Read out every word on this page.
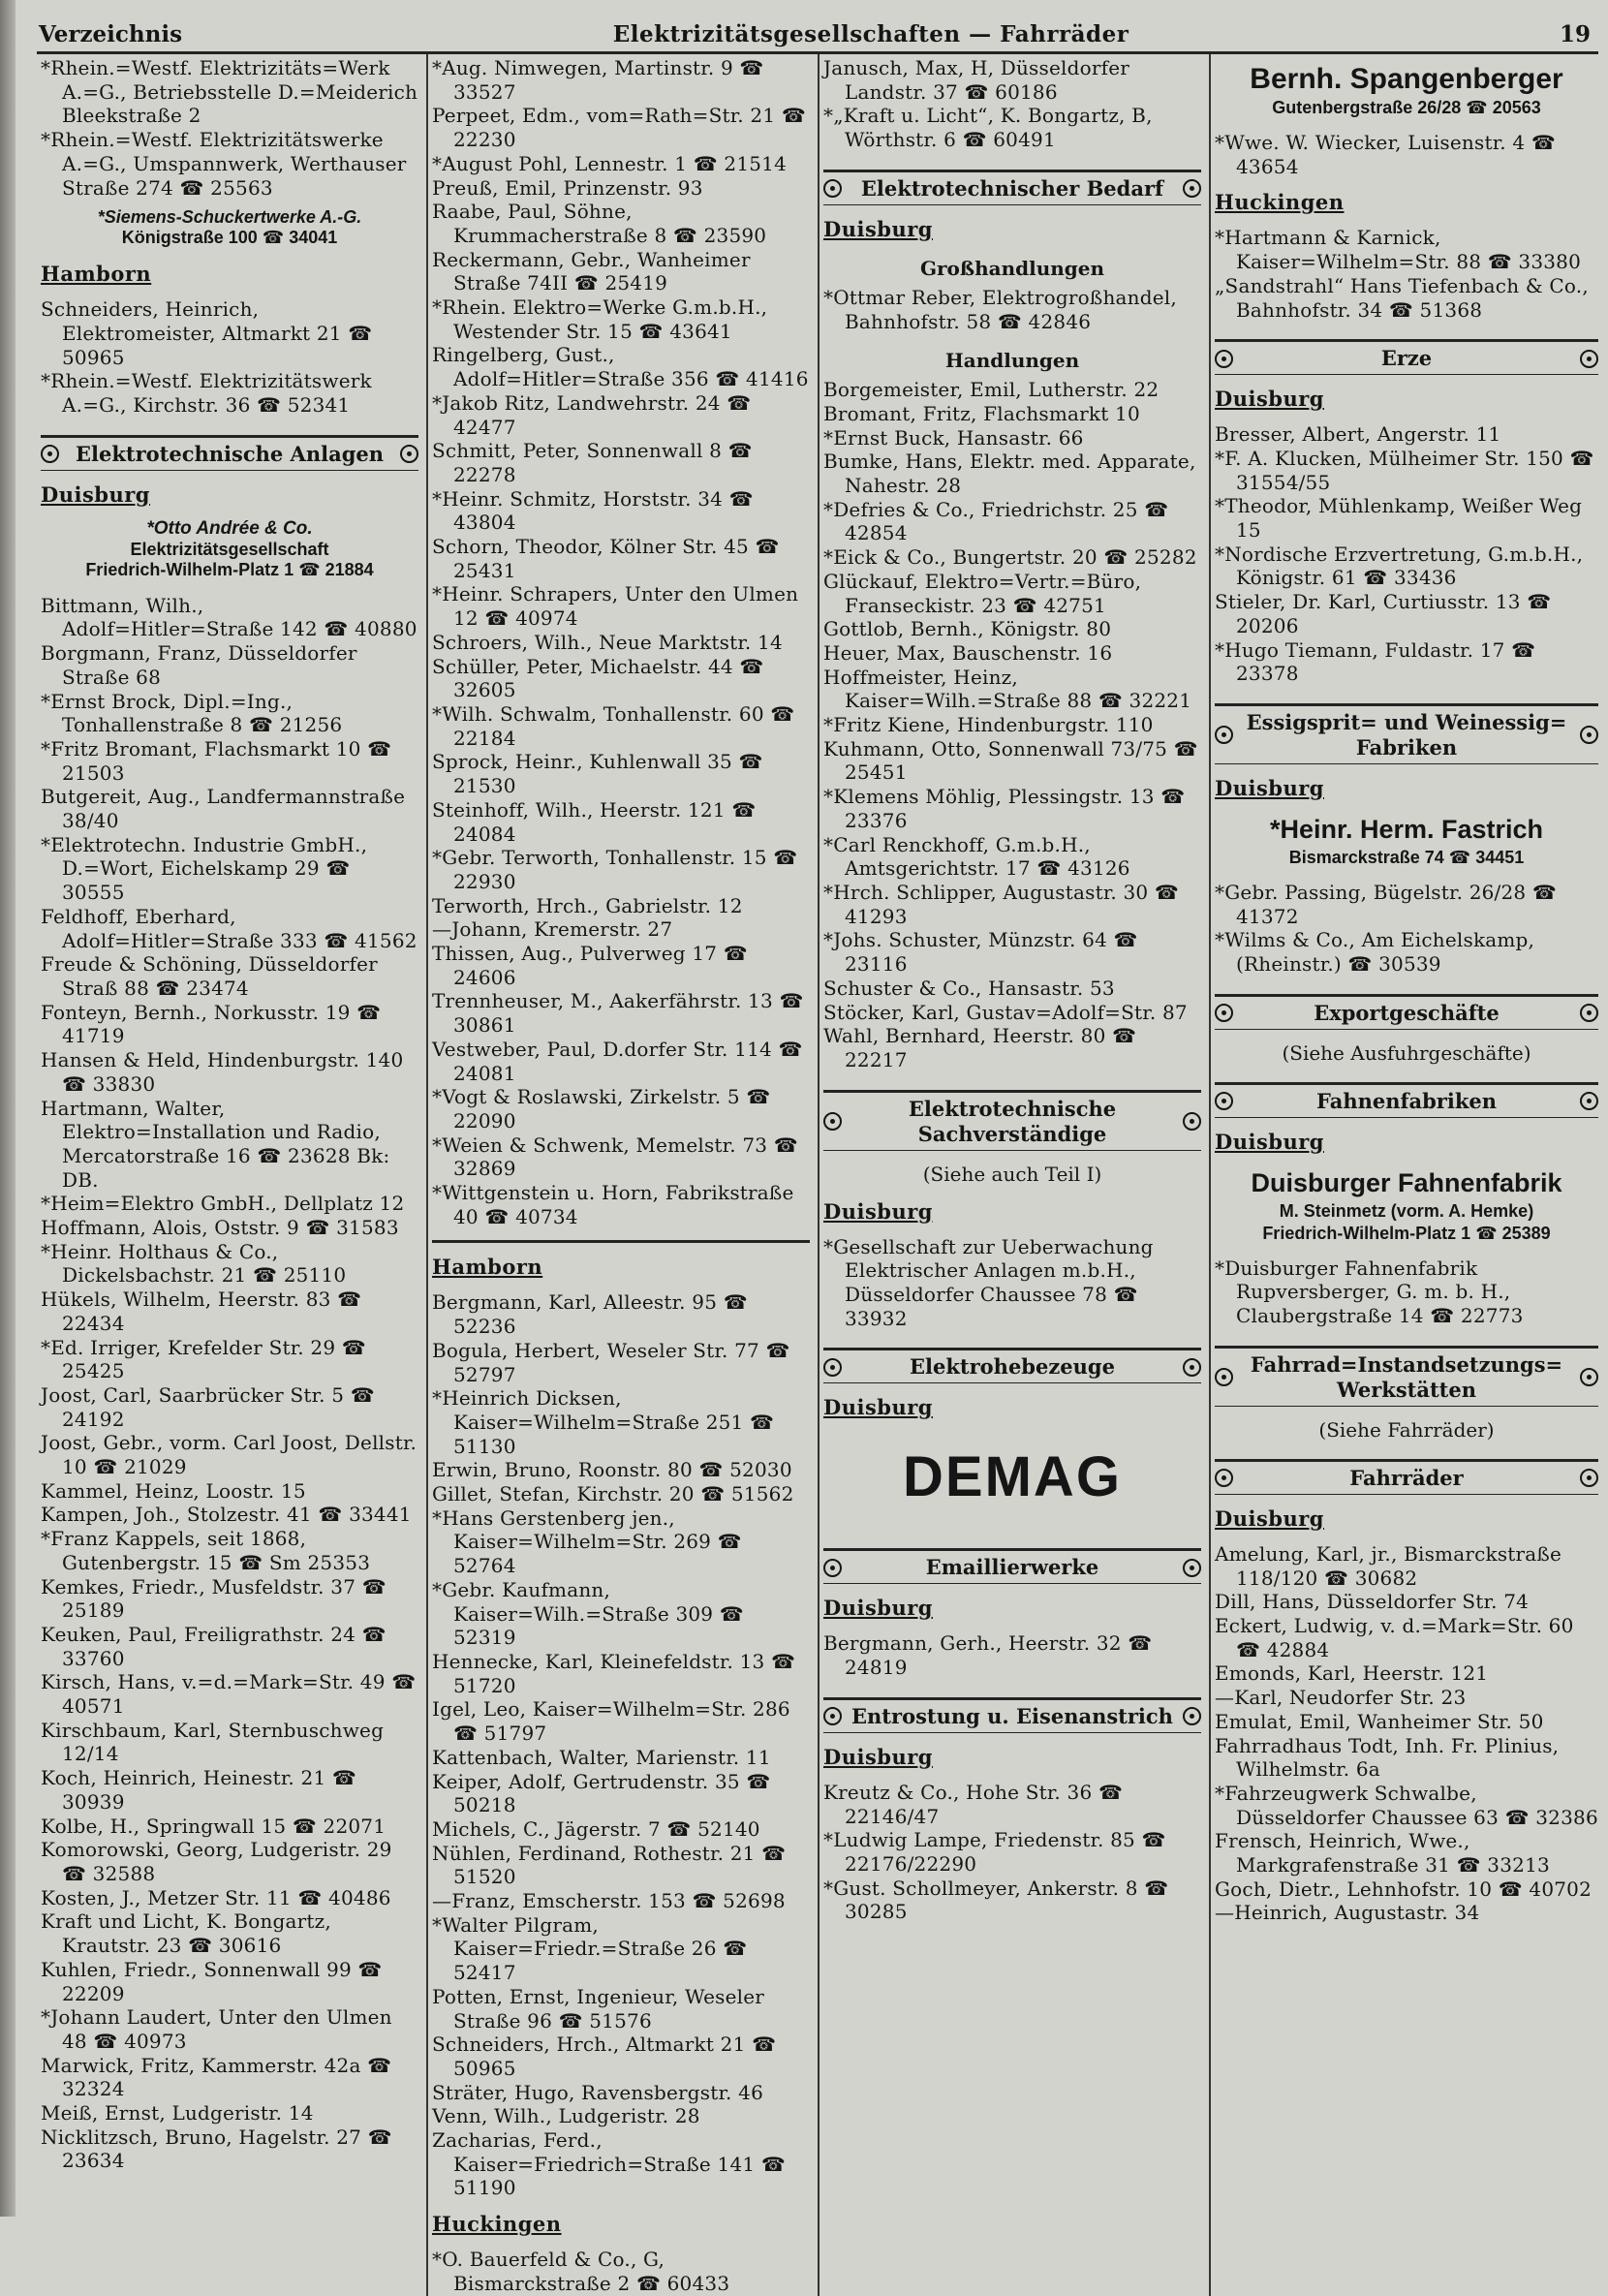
Verzeichnis	Elektrizitätsgesellschaften — Fahrräder	19
*Rhein.=Westf. Elektrizitäts=Werk A.=G., Betriebsstelle D.=Meiderich Bleekstraße 2
*Rhein.=Westf. Elektrizitätswerke A.=G., Umspannwerk, Werthauser Straße 274 ☎ 25563
*Siemens-Schuckertwerke A.-G.
Königstraße 100 ☎ 34041
Hamborn
Schneiders, Heinrich, Elektromeister, Altmarkt 21 ☎ 50965
*Rhein.=Westf. Elektrizitätswerk A.=G., Kirchstr. 36 ☎ 52341
Elektrotechnische Anlagen
Duisburg
*Otto Andrée & Co.
Elektrizitätsgesellschaft
Friedrich-Wilhelm-Platz 1 ☎ 21884
Bittmann, Wilh., Adolf=Hitler=Straße 142 ☎ 40880
Borgmann, Franz, Düsseldorfer Straße 68
*Ernst Brock, Dipl.=Ing., Tonhallenstraße 8 ☎ 21256
*Fritz Bromant, Flachsmarkt 10 ☎ 21503
Butgereit, Aug., Landfermannstraße 38/40
*Elektrotechn. Industrie GmbH., D.=Wort, Eichelskamp 29 ☎ 30555
Feldhoff, Eberhard, Adolf=Hitler=Straße 333 ☎ 41562
Freude & Schöning, Düsseldorfer Straß 88 ☎ 23474
Fonteyn, Bernh., Norkusstr. 19 ☎ 41719
Hansen & Held, Hindenburgstr. 140 ☎ 33830
Hartmann, Walter, Elektro=Installation und Radio, Mercatorstraße 16 ☎ 23628 Bk: DB.
*Heim=Elektro GmbH., Dellplatz 12
Hoffmann, Alois, Oststr. 9 ☎ 31583
*Heinr. Holthaus & Co., Dickelsbachstr. 21 ☎ 25110
Hükels, Wilhelm, Heerstr. 83 ☎ 22434
*Ed. Irriger, Krefelder Str. 29 ☎ 25425
Joost, Carl, Saarbrücker Str. 5 ☎ 24192
Joost, Gebr., vorm. Carl Joost, Dellstr. 10 ☎ 21029
Kammel, Heinz, Loostr. 15
Kampen, Joh., Stolzestr. 41 ☎ 33441
*Franz Kappels, seit 1868, Gutenbergstr. 15 ☎ Sm 25353
Kemkes, Friedr., Musfeldstr. 37 ☎ 25189
Keuken, Paul, Freiligrathstr. 24 ☎ 33760
Kirsch, Hans, v.=d.=Mark=Str. 49 ☎ 40571
Kirschbaum, Karl, Sternbuschweg 12/14
Koch, Heinrich, Heinestr. 21 ☎ 30939
Kolbe, H., Springwall 15 ☎ 22071
Komorowski, Georg, Ludgeristr. 29 ☎ 32588
Kosten, J., Metzer Str. 11 ☎ 40486
Kraft und Licht, K. Bongartz, Krautstr. 23 ☎ 30616
Kuhlen, Friedr., Sonnenwall 99 ☎ 22209
*Johann Laudert, Unter den Ulmen 48 ☎ 40973
Marwick, Fritz, Kammerstr. 42a ☎ 32324
Meiß, Ernst, Ludgeristr. 14
Nicklitzsch, Bruno, Hagelstr. 27 ☎ 23634
*Aug. Nimwegen, Martinstr. 9 ☎ 33527
Perpeet, Edm., vom=Rath=Str. 21 ☎ 22230
*August Pohl, Lennestr. 1 ☎ 21514
Preuß, Emil, Prinzenstr. 93
Raabe, Paul, Söhne, Krummacherstraße 8 ☎ 23590
Reckermann, Gebr., Wanheimer Straße 74II ☎ 25419
*Rhein. Elektro=Werke G.m.b.H., Westender Str. 15 ☎ 43641
Ringelberg, Gust., Adolf=Hitler=Straße 356 ☎ 41416
*Jakob Ritz, Landwehrstr. 24 ☎ 42477
Schmitt, Peter, Sonnenwall 8 ☎ 22278
*Heinr. Schmitz, Horststr. 34 ☎ 43804
Schorn, Theodor, Kölner Str. 45 ☎ 25431
*Heinr. Schrapers, Unter den Ulmen 12 ☎ 40974
Schroers, Wilh., Neue Marktstr. 14
Schüller, Peter, Michaelstr. 44 ☎ 32605
*Wilh. Schwalm, Tonhallenstr. 60 ☎ 22184
Sprock, Heinr., Kuhlenwall 35 ☎ 21530
Steinhoff, Wilh., Heerstr. 121 ☎ 24084
*Gebr. Terworth, Tonhallenstr. 15 ☎ 22930
Terworth, Hrch., Gabrielstr. 12
—Johann, Kremerstr. 27
Thissen, Aug., Pulverweg 17 ☎ 24606
Trennheuser, M., Aakerfährstr. 13 ☎ 30861
Vestweber, Paul, D.dorfer Str. 114 ☎ 24081
*Vogt & Roslawski, Zirkelstr. 5 ☎ 22090
*Weien & Schwenk, Memelstr. 73 ☎ 32869
*Wittgenstein u. Horn, Fabrikstraße 40 ☎ 40734
Hamborn
Bergmann, Karl, Alleestr. 95 ☎ 52236
Bogula, Herbert, Weseler Str. 77 ☎ 52797
*Heinrich Dicksen, Kaiser=Wilhelm=Straße 251 ☎ 51130
Erwin, Bruno, Roonstr. 80 ☎ 52030
Gillet, Stefan, Kirchstr. 20 ☎ 51562
*Hans Gerstenberg jen., Kaiser=Wilhelm=Str. 269 ☎ 52764
*Gebr. Kaufmann, Kaiser=Wilh.=Straße 309 ☎ 52319
Hennecke, Karl, Kleinefeldstr. 13 ☎ 51720
Igel, Leo, Kaiser=Wilhelm=Str. 286 ☎ 51797
Kattenbach, Walter, Marienstr. 11
Keiper, Adolf, Gertrudenstr. 35 ☎ 50218
Michels, C., Jägerstr. 7 ☎ 52140
Nühlen, Ferdinand, Rothestr. 21 ☎ 51520
—Franz, Emscherstr. 153 ☎ 52698
*Walter Pilgram, Kaiser=Friedr.=Straße 26 ☎ 52417
Potten, Ernst, Ingenieur, Weseler Straße 96 ☎ 51576
Schneiders, Hrch., Altmarkt 21 ☎ 50965
Sträter, Hugo, Ravensbergstr. 46
Venn, Wilh., Ludgeristr. 28
Zacharias, Ferd., Kaiser=Friedrich=Straße 141 ☎ 51190
Huckingen
*O. Bauerfeld & Co., G, Bismarckstraße 2 ☎ 60433
Janusch, Max, H, Düsseldorfer Landstr. 37 ☎ 60186
*„Kraft u. Licht“, K. Bongartz, B, Wörthstr. 6 ☎ 60491
Elektrotechnischer Bedarf
Duisburg
Großhandlungen
*Ottmar Reber, Elektrogroßhandel, Bahnhofstr. 58 ☎ 42846
Handlungen
Borgemeister, Emil, Lutherstr. 22
Bromant, Fritz, Flachsmarkt 10
*Ernst Buck, Hansastr. 66
Bumke, Hans, Elektr. med. Apparate, Nahestr. 28
*Defries & Co., Friedrichstr. 25 ☎ 42854
*Eick & Co., Bungertstr. 20 ☎ 25282
Glückauf, Elektro=Vertr.=Büro, Franseckistr. 23 ☎ 42751
Gottlob, Bernh., Königstr. 80
Heuer, Max, Bauschenstr. 16
Hoffmeister, Heinz, Kaiser=Wilh.=Straße 88 ☎ 32221
*Fritz Kiene, Hindenburgstr. 110
Kuhmann, Otto, Sonnenwall 73/75 ☎ 25451
*Klemens Möhlig, Plessingstr. 13 ☎ 23376
*Carl Renckhoff, G.m.b.H., Amtsgerichtstr. 17 ☎ 43126
*Hrch. Schlipper, Augustastr. 30 ☎ 41293
*Johs. Schuster, Münzstr. 64 ☎ 23116
Schuster & Co., Hansastr. 53
Stöcker, Karl, Gustav=Adolf=Str. 87
Wahl, Bernhard, Heerstr. 80 ☎ 22217
Elektrotechnische
Sachverständige
(Siehe auch Teil I)
Duisburg
*Gesellschaft zur Ueberwachung Elektrischer Anlagen m.b.H., Düsseldorfer Chaussee 78 ☎ 33932
Elektrohebezeuge
Duisburg
DEMAG
Emaillierwerke
Duisburg
Bergmann, Gerh., Heerstr. 32 ☎ 24819
Entrostung u. Eisenanstrich
Duisburg
Kreutz & Co., Hohe Str. 36 ☎ 22146/47
*Ludwig Lampe, Friedenstr. 85 ☎ 22176/22290
*Gust. Schollmeyer, Ankerstr. 8 ☎ 30285
Bernh. Spangenberger
Gutenbergstraße 26/28 ☎ 20563
*Wwe. W. Wiecker, Luisenstr. 4 ☎ 43654
Huckingen
*Hartmann & Karnick, Kaiser=Wilhelm=Str. 88 ☎ 33380
„Sandstrahl“ Hans Tiefenbach & Co., Bahnhofstr. 34 ☎ 51368
Erze
Duisburg
Bresser, Albert, Angerstr. 11
*F. A. Klucken, Mülheimer Str. 150 ☎ 31554/55
*Theodor, Mühlenkamp, Weißer Weg 15
*Nordische Erzvertretung, G.m.b.H., Königstr. 61 ☎ 33436
Stieler, Dr. Karl, Curtiusstr. 13 ☎ 20206
*Hugo Tiemann, Fuldastr. 17 ☎ 23378
Essigsprit= und Weinessig=
Fabriken
Duisburg
*Heinr. Herm. Fastrich
Bismarckstraße 74 ☎ 34451
*Gebr. Passing, Bügelstr. 26/28 ☎ 41372
*Wilms & Co., Am Eichelskamp, (Rheinstr.) ☎ 30539
Exportgeschäfte
(Siehe Ausfuhrgeschäfte)
Fahnenfabriken
Duisburg
Duisburger Fahnenfabrik
M. Steinmetz (vorm. A. Hemke)
Friedrich-Wilhelm-Platz 1 ☎ 25389
*Duisburger Fahnenfabrik Rupversberger, G. m. b. H., Claubergstraße 14 ☎ 22773
Fahrrad=Instandsetzungs=
Werkstätten
(Siehe Fahrräder)
Fahrräder
Duisburg
Amelung, Karl, jr., Bismarckstraße 118/120 ☎ 30682
Dill, Hans, Düsseldorfer Str. 74
Eckert, Ludwig, v. d.=Mark=Str. 60 ☎ 42884
Emonds, Karl, Heerstr. 121
—Karl, Neudorfer Str. 23
Emulat, Emil, Wanheimer Str. 50
Fahrradhaus Todt, Inh. Fr. Plinius, Wilhelmstr. 6a
*Fahrzeugwerk Schwalbe, Düsseldorfer Chaussee 63 ☎ 32386
Frensch, Heinrich, Wwe., Markgrafenstraße 31 ☎ 33213
Goch, Dietr., Lehnhofstr. 10 ☎ 40702
—Heinrich, Augustastr. 34
